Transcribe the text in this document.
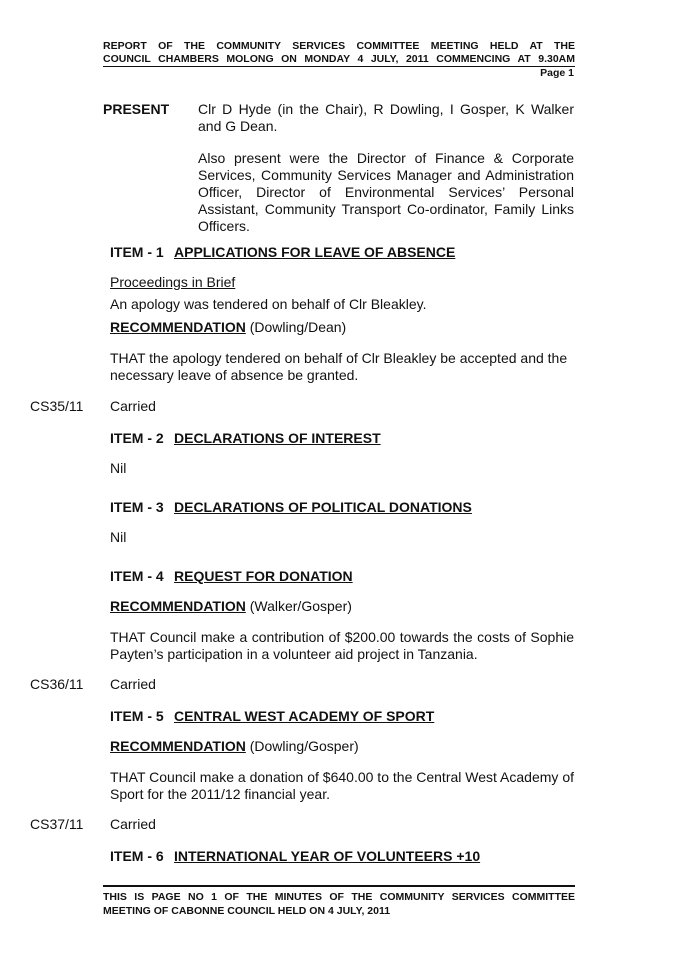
REPORT OF THE COMMUNITY SERVICES COMMITTEE MEETING HELD AT THE
COUNCIL CHAMBERS MOLONG ON MONDAY 4 JULY, 2011 COMMENCING AT 9.30AM
Page 1
PRESENT Clr D Hyde (in the Chair), R Dowling, I Gosper, K Walker and G Dean.
Also present were the Director of Finance & Corporate Services, Community Services Manager and Administration Officer, Director of Environmental Services’ Personal Assistant, Community Transport Co-ordinator, Family Links Officers.
ITEM - 1 APPLICATIONS FOR LEAVE OF ABSENCE
Proceedings in Brief
An apology was tendered on behalf of Clr Bleakley.
RECOMMENDATION (Dowling/Dean)
THAT the apology tendered on behalf of Clr Bleakley be accepted and the necessary leave of absence be granted.
CS35/11 Carried
ITEM - 2 DECLARATIONS OF INTEREST
Nil
ITEM - 3 DECLARATIONS OF POLITICAL DONATIONS
Nil
ITEM - 4 REQUEST FOR DONATION
RECOMMENDATION (Walker/Gosper)
THAT Council make a contribution of $200.00 towards the costs of Sophie Payten’s participation in a volunteer aid project in Tanzania.
CS36/11 Carried
ITEM - 5 CENTRAL WEST ACADEMY OF SPORT
RECOMMENDATION (Dowling/Gosper)
THAT Council make a donation of $640.00 to the Central West Academy of Sport for the 2011/12 financial year.
CS37/11 Carried
ITEM - 6 INTERNATIONAL YEAR OF VOLUNTEERS +10
THIS IS PAGE NO 1 OF THE MINUTES OF THE COMMUNITY SERVICES COMMITTEE
MEETING OF CABONNE COUNCIL HELD ON 4 JULY, 2011
